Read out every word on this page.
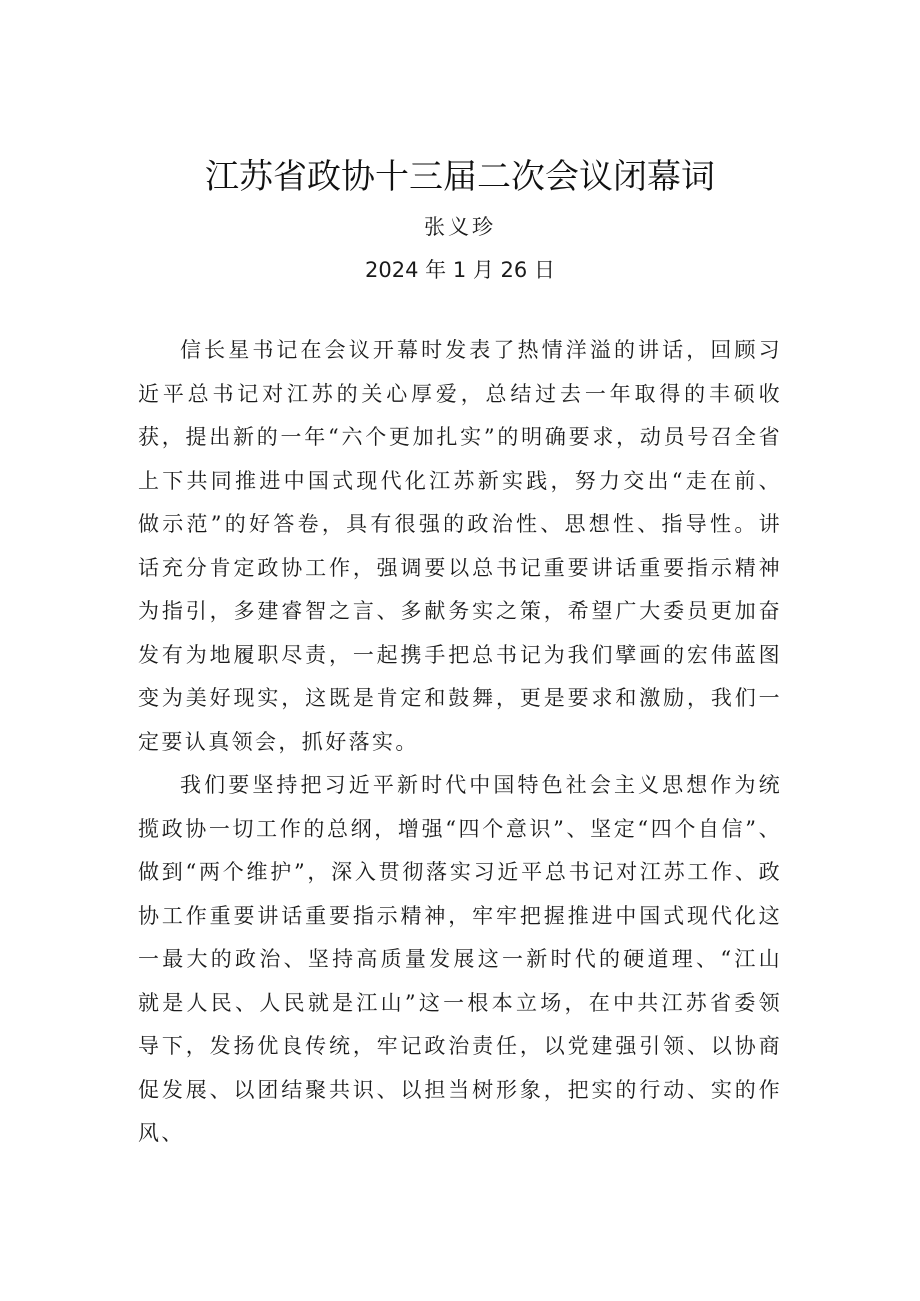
江苏省政协十三届二次会议闭幕词
张义珍
2024 年 1 月 26 日

信长星书记在会议开幕时发表了热情洋溢的讲话，回顾习近平总书记对江苏的关心厚爱，总结过去一年取得的丰硕收获，提出新的一年“六个更加扎实”的明确要求，动员号召全省上下共同推进中国式现代化江苏新实践，努力交出“走在前、做示范”的好答卷，具有很强的政治性、思想性、指导性。讲话充分肯定政协工作，强调要以总书记重要讲话重要指示精神为指引，多建睿智之言、多献务实之策，希望广大委员更加奋发有为地履职尽责，一起携手把总书记为我们擘画的宏伟蓝图变为美好现实，这既是肯定和鼓舞，更是要求和激励，我们一定要认真领会，抓好落实。

我们要坚持把习近平新时代中国特色社会主义思想作为统揽政协一切工作的总纲，增强“四个意识”、坚定“四个自信”、做到“两个维护”，深入贯彻落实习近平总书记对江苏工作、政协工作重要讲话重要指示精神，牢牢把握推进中国式现代化这一最大的政治、坚持高质量发展这一新时代的硬道理、“江山就是人民、人民就是江山”这一根本立场，在中共江苏省委领导下，发扬优良传统，牢记政治责任，以党建强引领、以协商促发展、以团结聚共识、以担当树形象，把实的行动、实的作风、
